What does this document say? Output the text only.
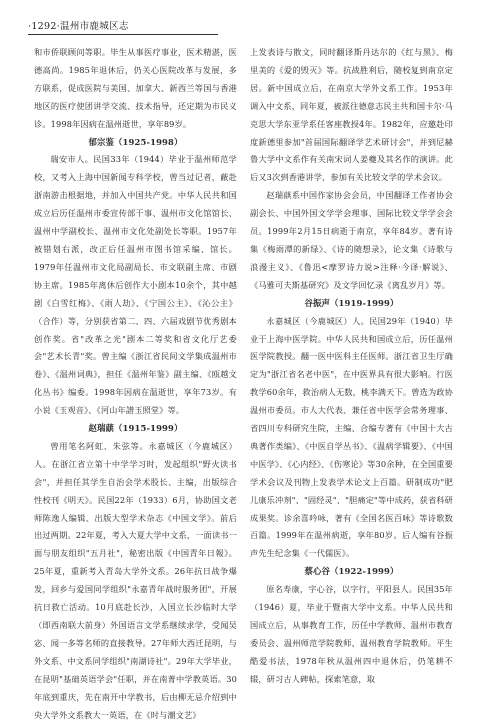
·1292·温州市鹿城区志

和市侨联顾问等职。毕生从事医疗事业，医术精湛，医德高尚。1985年退休后，仍关心医院改革与发展，多方联系，促成医院与美国、加拿大、新西兰等国与香港地区的医疗使团讲学交流、技术指导，还定期为市民义诊。1998年因病在温州逝世，享年89岁。

郁宗鉴（1925-1998）

瑞安市人。民国33年（1944）毕业于温州师范学校，又考入上海中国新闻专科学校，曾当过记者，蔽赴浙南游击根据地，并加入中国共产党。中华人民共和国成立后历任温州市委宣传部干事、温州市文化馆馆长、温州中学副校长、温州市文化处副处长等职。1957年被错划右派，改正后任温州市图书馆采编、馆长。1979年任温州市文化局副局长、市文联副主席、市剧协主席。1985年离休后创作大小剧本10余个，其中越剧《白雪红梅》、《雨人劫》、《宁国公主》、《沁公主》（合作）等，分别获省第二、四、六届戏剧节优秀剧本创作奖。省"改革之光"剧本二等奖和省文化厅艺委会"艺术长青"奖。曾主编《浙江省民间文学集成温州市卷》、《温州词典》，担任《温州年鉴》副主编、《瓯越文化丛书》编委。1998年因病在温逝世，享年73岁。有小说《玉观音》、《河山年譜玉照堂》等。

赵瑞蕻（1915-1999）

曾用笔名阿虹、朱弦等。永嘉城区（今鹿城区）人。在浙江省立第十中学学习时，发起组织"野火读书会"，并担任其学生自治会学术股长、主编，出版综合性校刊《明天》。民国22年（1933）6月，协助国文老师陈逸人编辑、出版大型学术杂志《中国文学》。前后出过两期。22年夏，考入大夏大学中文系，一面读书一面与朋友组织"五月社"，秘密出版《中国青年日報》。25年夏，重新考入青岛大学外文系。26年抗日战争爆发，回乡与爱国同学组织"永嘉青年战时服务团"，开展抗日救亡活动。10月底赴长沙，入国立长沙临时大学（即西南联大前身）外国语言文学系继续求学，受闻吴宓、闻一多等名师的直接教导。27年师大西迁昆明，与外文系、中文系同学组织"南湖诗社"。29年大学毕业，在昆明"基础英语学会"任职，并在南菁中学教英语。30年底到重庆，先在南开中学教书，后由柳无忌介绍到中央大学外文系教大一英语，在《时与潮文艺》

上发表诗与散文，同时翻译斯丹达尔的《红与黑》、梅里美的《爱的毁灭》等。抗战胜利后，随校复到南京定居。新中国成立后，在南京大学外文系工作。1953年调入中文系，同年夏，被派往德意志民主共和国卡尔·马克思大学东亚学系任客座教授4年。1982年，应邀赴印度新德里参加"首届国际翻译学艺术研讨会"，并到尼赫鲁大学中文系作有关南宋词人姜夔及其名作的演讲。此后又3次到香港讲学，参加有关比较文学的学术会议。

赵瑞蕻系中国作家协会会员，中国翻译工作者协会副会长、中国外国文学学会理事、国际比较文学学会会员。1999年2月15日病逝于南京，享年84岁。著有诗集《梅雨潭的新绿》、《诗的随想录》，论文集《诗歌与浪漫主义》、《鲁迅<摩罗诗力说>注释·今译·解说》、《马雅可夫斯基研究》及文学回忆录《离乱岁月》等。

谷振声（1919-1999）

永嘉城区（今鹿城区）人。民国29年（1940）毕业于上海中医学院。中华人民共和国成立后，历任温州医学院教授。翻一医中医科主任医师。浙江省卫生厅确定为"浙江省名老中医"，在中医界具有很大影响。行医教学60余年，救治病人无数，桃李满天下。曾选为政协温州市委员。市人大代表、兼任省中医学会常务理事、省四川专科研究生院，主编、合编专著有《中国十大古典著作类编》、《中医自学丛书》、《温病学辑要》、《中国中医学》、《心内经》、《伤寒论》等30余种，在全国重要学术会议及刊物上发表学术论文上百篇。研制成功"肥儿康乐冲剂"、"固经灵"、"胆痛定"等中成药，获省科研成果奖。诊余喜吟咏，著有《全国名医百咏》等诗歌数百篇。1999年在温州病逝，享年80岁。后人编有谷振声先生纪念集《一代儒医》。

蔡心谷（1922-1999）

原名寿康，字心谷，以字行，平阳县人。民国35年（1946）夏，毕业于暨南大学中文系。中华人民共和国成立后，从事教育工作，历任中学教师、温州市教育委员会、温州师范学院教师、温州教育学院教师。平生酷爱书法，1978年秋从温州四中退休后，仍笔耕不辍，研习古人碑帖，探索笔意，取
